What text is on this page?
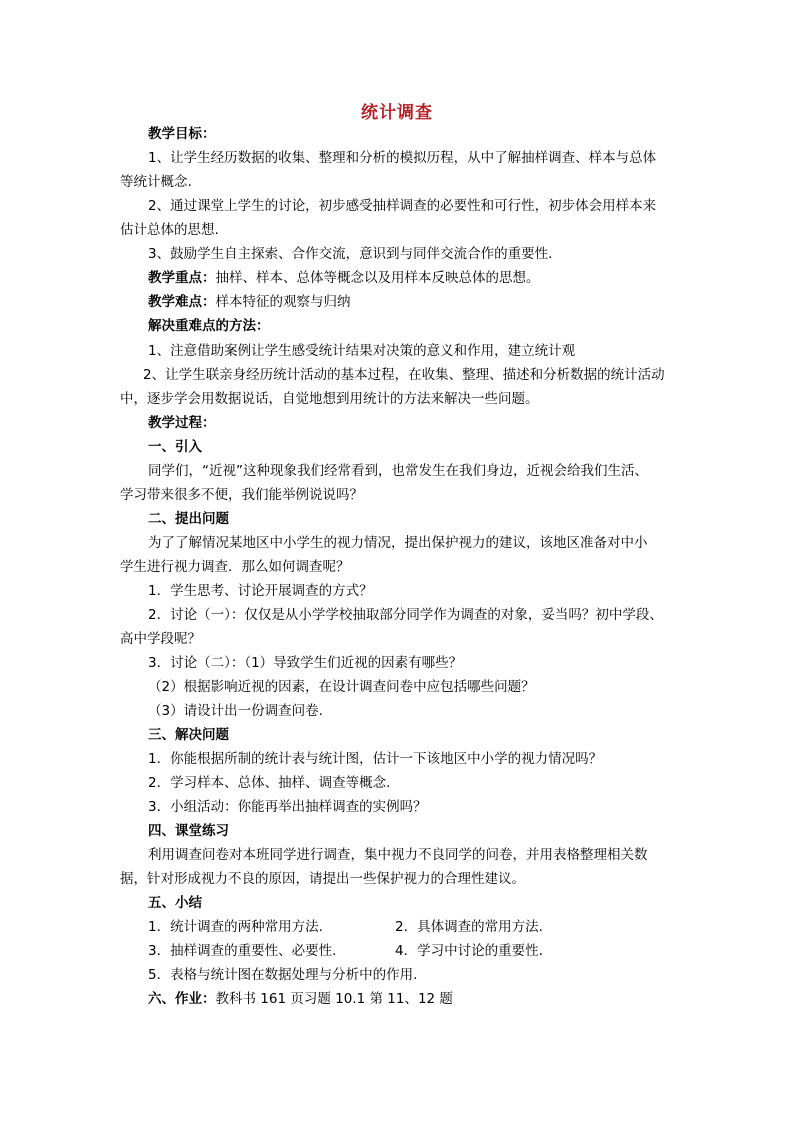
统计调查
教学目标：
1、让学生经历数据的收集、整理和分析的模拟历程，从中了解抽样调查、样本与总体
等统计概念.
2、通过课堂上学生的讨论，初步感受抽样调查的必要性和可行性，初步体会用样本来
估计总体的思想.
3、鼓励学生自主探索、合作交流，意识到与同伴交流合作的重要性.
教学重点：抽样、样本、总体等概念以及用样本反映总体的思想。
教学难点：样本特征的观察与归纳
解决重难点的方法：
1、注意借助案例让学生感受统计结果对决策的意义和作用，建立统计观
2、让学生联亲身经历统计活动的基本过程，在收集、整理、描述和分析数据的统计活动
中，逐步学会用数据说话，自觉地想到用统计的方法来解决一些问题。
教学过程：
一、引入
同学们，“近视”这种现象我们经常看到，也常发生在我们身边，近视会给我们生活、
学习带来很多不便，我们能举例说说吗？
二、提出问题
为了了解情况某地区中小学生的视力情况，提出保护视力的建议，该地区准备对中小
学生进行视力调查．那么如何调查呢？
1．学生思考、讨论开展调查的方式？
2．讨论（一）：仅仅是从小学学校抽取部分同学作为调查的对象，妥当吗？初中学段、
高中学段呢？
3．讨论（二）：（1）导致学生们近视的因素有哪些？
（2）根据影响近视的因素，在设计调查问卷中应包括哪些问题？
（3）请设计出一份调查问卷.
三、解决问题
1．你能根据所制的统计表与统计图，估计一下该地区中小学的视力情况吗？
2．学习样本、总体、抽样、调查等概念.
3．小组活动：你能再举出抽样调查的实例吗？
四、课堂练习
利用调查问卷对本班同学进行调查，集中视力不良同学的问卷，并用表格整理相关数
据，针对形成视力不良的原因，请提出一些保护视力的合理性建议。
五、小结
1．统计调查的两种常用方法.	2．具体调查的常用方法.
3．抽样调查的重要性、必要性.	4．学习中讨论的重要性.
5．表格与统计图在数据处理与分析中的作用.
六、作业：教科书 161 页习题 10.1 第 11、12 题
